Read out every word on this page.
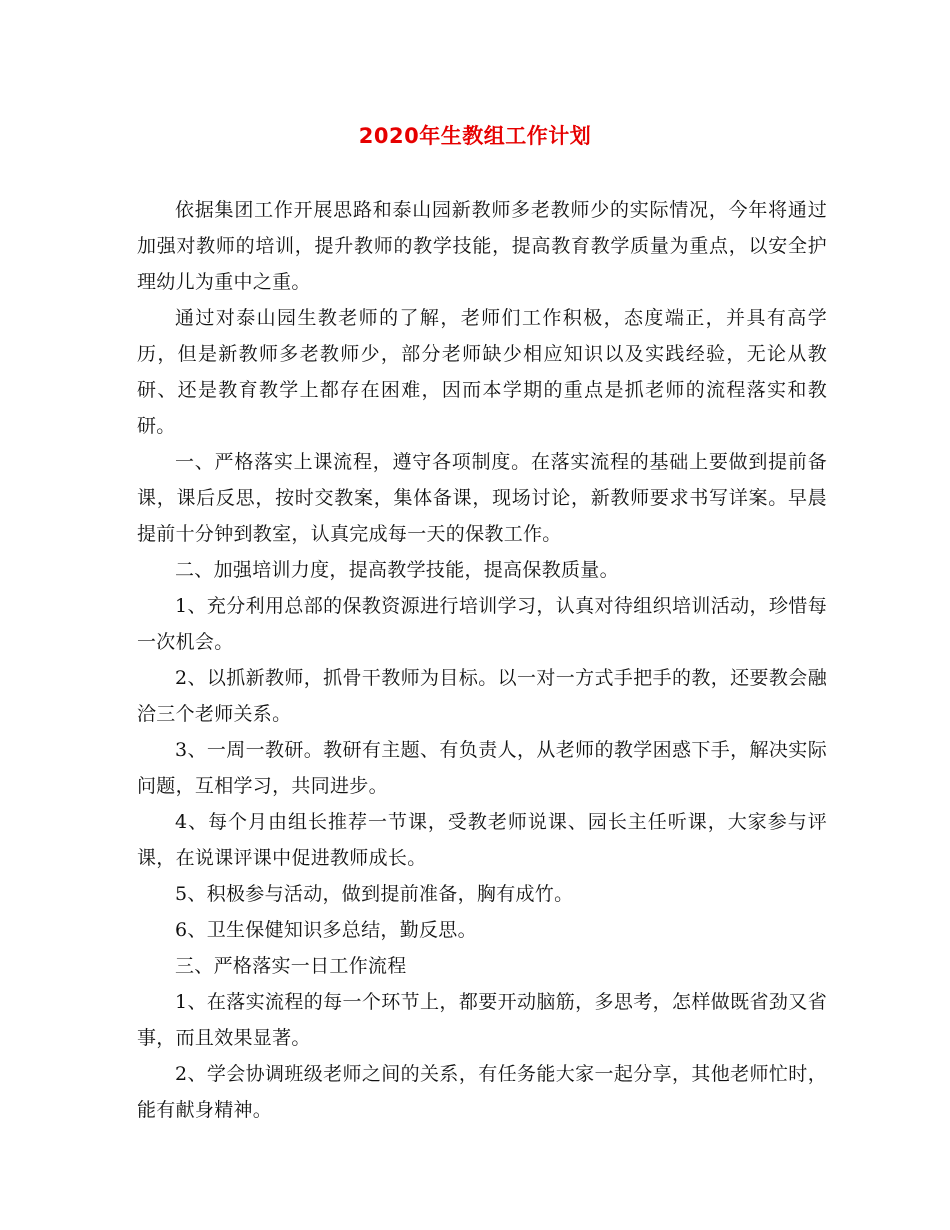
2020年生教组工作计划

依据集团工作开展思路和泰山园新教师多老教师少的实际情况，今年将通过加强对教师的培训，提升教师的教学技能，提高教育教学质量为重点，以安全护理幼儿为重中之重。

通过对泰山园生教老师的了解，老师们工作积极，态度端正，并具有高学历，但是新教师多老教师少，部分老师缺少相应知识以及实践经验，无论从教研、还是教育教学上都存在困难，因而本学期的重点是抓老师的流程落实和教研。

一、严格落实上课流程，遵守各项制度。在落实流程的基础上要做到提前备课，课后反思，按时交教案，集体备课，现场讨论，新教师要求书写详案。早晨提前十分钟到教室，认真完成每一天的保教工作。

二、加强培训力度，提高教学技能，提高保教质量。

1、充分利用总部的保教资源进行培训学习，认真对待组织培训活动，珍惜每一次机会。

2、以抓新教师，抓骨干教师为目标。以一对一方式手把手的教，还要教会融洽三个老师关系。

3、一周一教研。教研有主题、有负责人，从老师的教学困惑下手，解决实际问题，互相学习，共同进步。

4、每个月由组长推荐一节课，受教老师说课、园长主任听课，大家参与评课，在说课评课中促进教师成长。

5、积极参与活动，做到提前准备，胸有成竹。

6、卫生保健知识多总结，勤反思。

三、严格落实一日工作流程

1、在落实流程的每一个环节上，都要开动脑筋，多思考，怎样做既省劲又省事，而且效果显著。

2、学会协调班级老师之间的关系，有任务能大家一起分享，其他老师忙时，能有献身精神。
